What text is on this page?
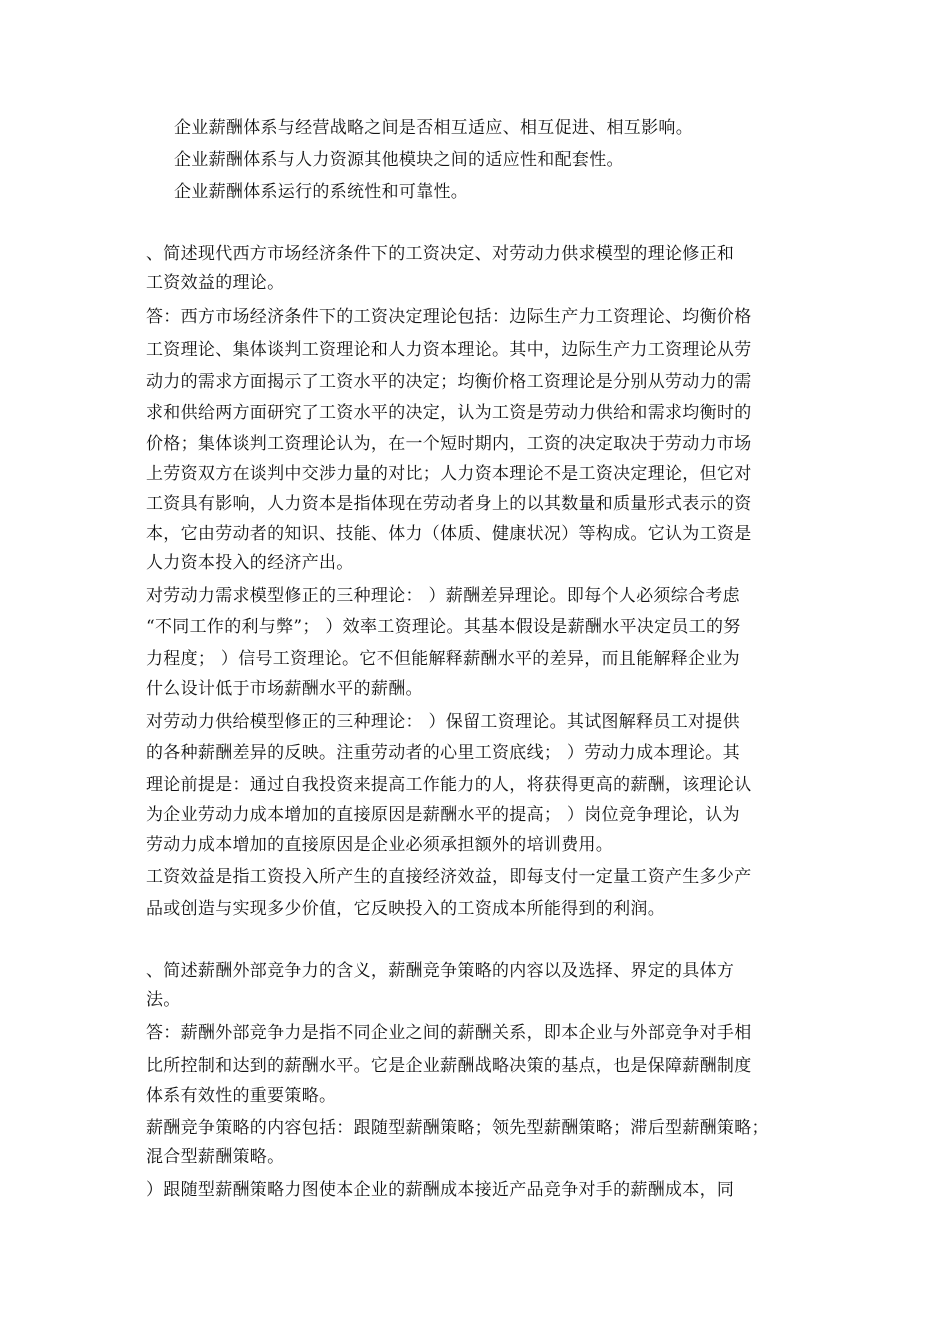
企业薪酬体系与经营战略之间是否相互适应、相互促进、相互影响。
企业薪酬体系与人力资源其他模块之间的适应性和配套性。
企业薪酬体系运行的系统性和可靠性。
、简述现代西方市场经济条件下的工资决定、对劳动力供求模型的理论修正和
工资效益的理论。
答：西方市场经济条件下的工资决定理论包括：边际生产力工资理论、均衡价格
工资理论、集体谈判工资理论和人力资本理论。其中，边际生产力工资理论从劳
动力的需求方面揭示了工资水平的决定；均衡价格工资理论是分别从劳动力的需
求和供给两方面研究了工资水平的决定，认为工资是劳动力供给和需求均衡时的
价格；集体谈判工资理论认为，在一个短时期内，工资的决定取决于劳动力市场
上劳资双方在谈判中交涉力量的对比；人力资本理论不是工资决定理论，但它对
工资具有影响，人力资本是指体现在劳动者身上的以其数量和质量形式表示的资
本，它由劳动者的知识、技能、体力（体质、健康状况）等构成。它认为工资是
人力资本投入的经济产出。
对劳动力需求模型修正的三种理论： ）薪酬差异理论。即每个人必须综合考虑
“不同工作的利与弊”； ）效率工资理论。其基本假设是薪酬水平决定员工的努
力程度； ）信号工资理论。它不但能解释薪酬水平的差异，而且能解释企业为
什么设计低于市场薪酬水平的薪酬。
对劳动力供给模型修正的三种理论： ）保留工资理论。其试图解释员工对提供
的各种薪酬差异的反映。注重劳动者的心里工资底线； ）劳动力成本理论。其
理论前提是：通过自我投资来提高工作能力的人，将获得更高的薪酬，该理论认
为企业劳动力成本增加的直接原因是薪酬水平的提高； ）岗位竞争理论，认为
劳动力成本增加的直接原因是企业必须承担额外的培训费用。
工资效益是指工资投入所产生的直接经济效益，即每支付一定量工资产生多少产
品或创造与实现多少价值，它反映投入的工资成本所能得到的利润。
、简述薪酬外部竞争力的含义，薪酬竞争策略的内容以及选择、界定的具体方
法。
答：薪酬外部竞争力是指不同企业之间的薪酬关系，即本企业与外部竞争对手相
比所控制和达到的薪酬水平。它是企业薪酬战略决策的基点，也是保障薪酬制度
体系有效性的重要策略。
薪酬竞争策略的内容包括：跟随型薪酬策略；领先型薪酬策略；滞后型薪酬策略；
混合型薪酬策略。
）跟随型薪酬策略力图使本企业的薪酬成本接近产品竞争对手的薪酬成本，同
